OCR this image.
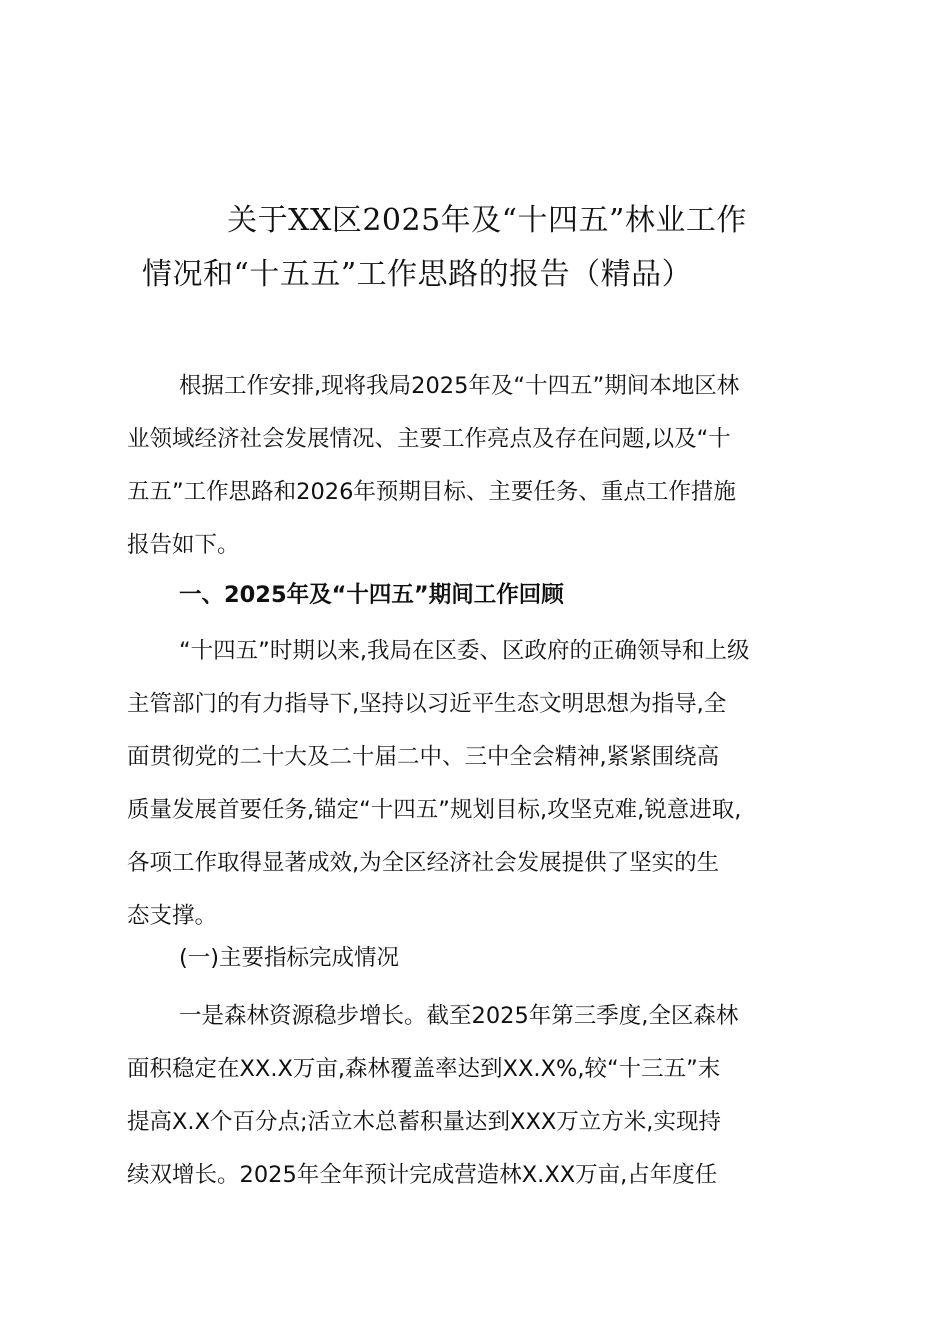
关于XX区2025年及“十四五”林业工作
情况和“十五五”工作思路的报告（精品）
根据工作安排,现将我局2025年及“十四五”期间本地区林
业领域经济社会发展情况、主要工作亮点及存在问题,以及“十
五五”工作思路和2026年预期目标、主要任务、重点工作措施
报告如下。
一、2025年及“十四五”期间工作回顾
“十四五”时期以来,我局在区委、区政府的正确领导和上级
主管部门的有力指导下,坚持以习近平生态文明思想为指导,全
面贯彻党的二十大及二十届二中、三中全会精神,紧紧围绕高
质量发展首要任务,锚定“十四五”规划目标,攻坚克难,锐意进取,
各项工作取得显著成效,为全区经济社会发展提供了坚实的生
态支撑。
(一)主要指标完成情况
一是森林资源稳步增长。截至2025年第三季度,全区森林
面积稳定在XX.X万亩,森林覆盖率达到XX.X%,较“十三五”末
提高X.X个百分点;活立木总蓄积量达到XXX万立方米,实现持
续双增长。2025年全年预计完成营造林X.XX万亩,占年度任
